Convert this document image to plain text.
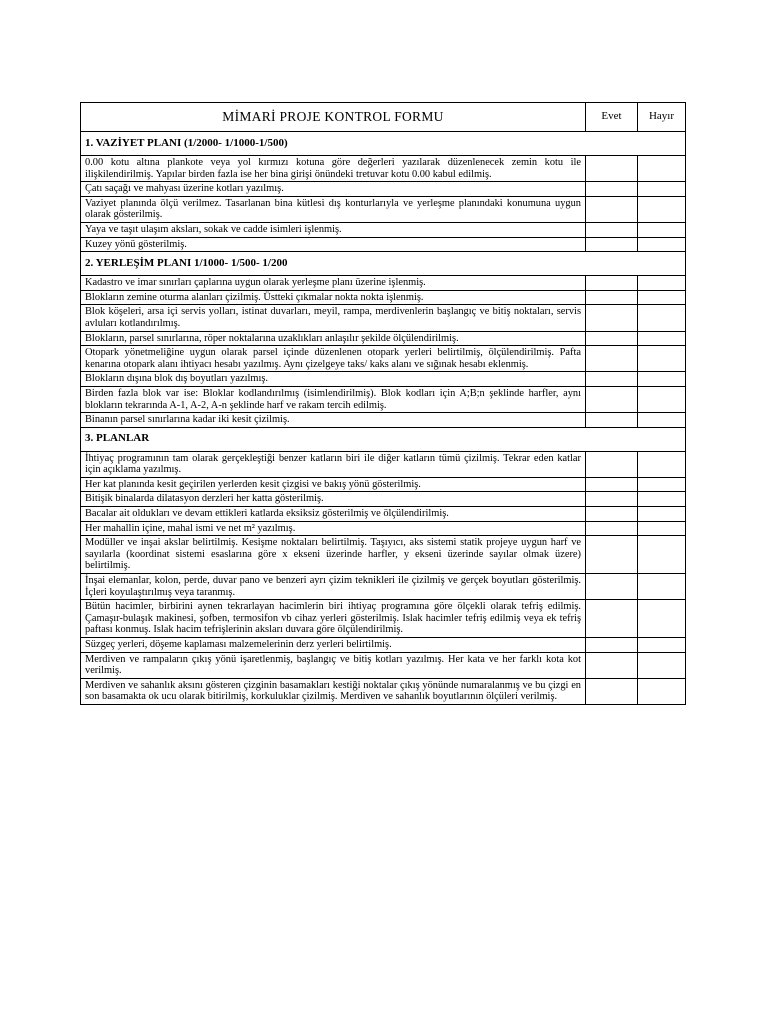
MİMARİ PROJE KONTROL FORMU	Evet	Hayır
1. VAZİYET PLANI (1/2000- 1/1000-1/500)		
0.00 kotu altına plankote veya yol kırmızı kotuna göre değerleri yazılarak düzenlenecek zemin kotu ile ilişkilendirilmiş. Yapılar birden fazla ise her bina girişi önündeki tretuvar kotu 0.00 kabul edilmiş.		
Çatı saçağı ve mahyası üzerine kotları yazılmış.		
Vaziyet planında ölçü verilmez. Tasarlanan bina kütlesi dış konturlarıyla ve yerleşme planındaki konumuna uygun olarak gösterilmiş.		
Yaya ve taşıt ulaşım aksları, sokak ve cadde isimleri işlenmiş.		
Kuzey yönü gösterilmiş.		
2. YERLEŞİM PLANI 1/1000- 1/500- 1/200		
Kadastro ve imar sınırları çaplarına uygun olarak yerleşme planı üzerine işlenmiş.		
Blokların zemine oturma alanları çizilmiş. Üstteki çıkmalar nokta nokta işlenmiş.		
Blok köşeleri, arsa içi servis yolları, istinat duvarları, meyil, rampa, merdivenlerin başlangıç ve bitiş noktaları, servis avluları kotlandırılmış.		
Blokların, parsel sınırlarına, röper noktalarına uzaklıkları anlaşılır şekilde ölçülendirilmiş.		
Otopark yönetmeliğine uygun olarak parsel içinde düzenlenen otopark yerleri belirtilmiş, ölçülendirilmiş. Pafta kenarına otopark alanı ihtiyacı hesabı yazılmış. Aynı çizelgeye taks/ kaks alanı ve sığınak hesabı eklenmiş.		
Blokların dışına blok dış boyutları yazılmış.		
Birden fazla blok var ise: Bloklar kodlandırılmış (isimlendirilmiş). Blok kodları için A;B;n şeklinde harfler, aynı blokların tekrarında A-1, A-2, A-n şeklinde harf ve rakam tercih edilmiş.		
Binanın parsel sınırlarına kadar iki kesit çizilmiş.		
3. PLANLAR		
İhtiyaç programının tam olarak gerçekleştiği benzer katların biri ile diğer katların tümü çizilmiş. Tekrar eden katlar için açıklama yazılmış.		
Her kat planında kesit geçirilen yerlerden kesit çizgisi ve bakış yönü gösterilmiş.		
Bitişik binalarda dilatasyon derzleri her katta gösterilmiş.		
Bacalar ait oldukları ve devam ettikleri katlarda eksiksiz gösterilmiş ve ölçülendirilmiş.		
Her mahallin içine, mahal ismi ve net m² yazılmış.		
Modüller ve inşai akslar belirtilmiş. Kesişme noktaları belirtilmiş. Taşıyıcı, aks sistemi statik projeye uygun harf ve sayılarla (koordinat sistemi esaslarına göre x ekseni üzerinde harfler, y ekseni üzerinde sayılar olmak üzere) belirtilmiş.		
İnşai elemanlar, kolon, perde, duvar pano ve benzeri ayrı çizim teknikleri ile çizilmiş ve gerçek boyutları gösterilmiş. İçleri koyulaştırılmış veya taranmış.		
Bütün hacimler, birbirini aynen tekrarlayan hacimlerin biri ihtiyaç programına göre ölçekli olarak tefriş edilmiş. Çamaşır-bulaşık makinesi, şofben, termosifon vb cihaz yerleri gösterilmiş. Islak hacimler tefriş edilmiş veya ek tefriş paftası konmuş. Islak hacim tefrişlerinin aksları duvara göre ölçülendirilmiş.		
Süzgeç yerleri, döşeme kaplaması malzemelerinin derz yerleri belirtilmiş.		
Merdiven ve rampaların çıkış yönü işaretlenmiş, başlangıç ve bitiş kotları yazılmış. Her kata ve her farklı kota kot verilmiş.		
Merdiven ve sahanlık aksını gösteren çizginin basamakları kestiği noktalar çıkış yönünde numaralanmış ve bu çizgi en son basamakta ok ucu olarak bitirilmiş, korkuluklar çizilmiş. Merdiven ve sahanlık boyutlarının ölçüleri verilmiş.		
